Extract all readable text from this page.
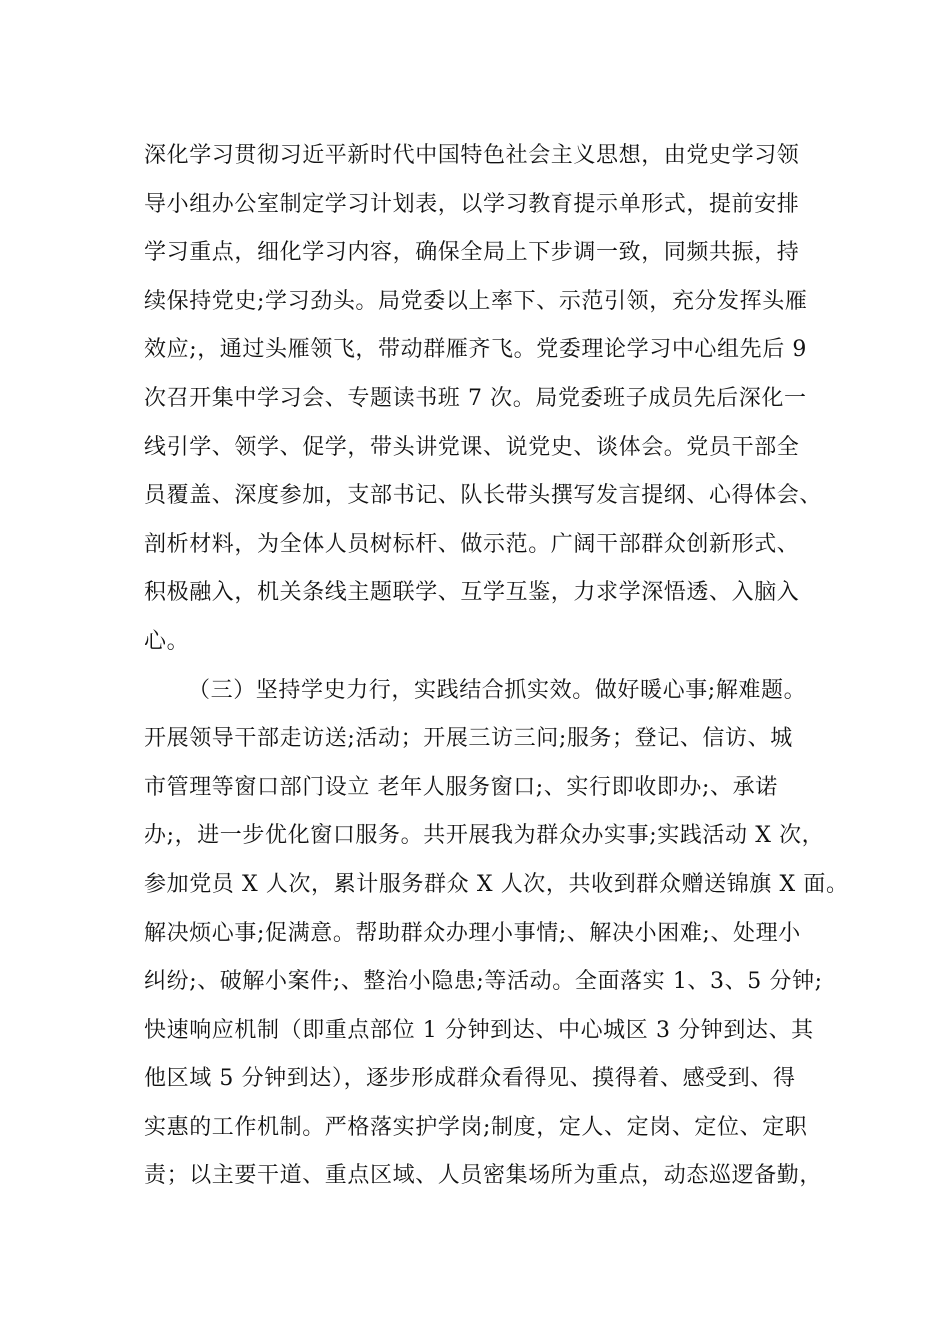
深化学习贯彻习近平新时代中国特色社会主义思想，由党史学习领
导小组办公室制定学习计划表，以学习教育提示单形式，提前安排
学习重点，细化学习内容，确保全局上下步调一致，同频共振，持
续保持党史;学习劲头。局党委以上率下、示范引领，充分发挥头雁
效应;，通过头雁领飞，带动群雁齐飞。党委理论学习中心组先后 9
次召开集中学习会、专题读书班 7 次。局党委班子成员先后深化一
线引学、领学、促学，带头讲党课、说党史、谈体会。党员干部全
员覆盖、深度参加，支部书记、队长带头撰写发言提纲、心得体会、
剖析材料，为全体人员树标杆、做示范。广阔干部群众创新形式、
积极融入，机关条线主题联学、互学互鉴，力求学深悟透、入脑入
心。
（三）坚持学史力行，实践结合抓实效。做好暖心事;解难题。
开展领导干部走访送;活动；开展三访三问;服务；登记、信访、城
市管理等窗口部门设立 老年人服务窗口;、实行即收即办;、承诺
办;，进一步优化窗口服务。共开展我为群众办实事;实践活动 X 次，
参加党员 X 人次，累计服务群众 X 人次，共收到群众赠送锦旗 X 面。
解决烦心事;促满意。帮助群众办理小事情;、解决小困难;、处理小
纠纷;、破解小案件;、整治小隐患;等活动。全面落实 1、3、5 分钟;
快速响应机制（即重点部位 1 分钟到达、中心城区 3 分钟到达、其
他区域 5 分钟到达），逐步形成群众看得见、摸得着、感受到、得
实惠的工作机制。严格落实护学岗;制度，定人、定岗、定位、定职
责；以主要干道、重点区域、人员密集场所为重点，动态巡逻备勤，
